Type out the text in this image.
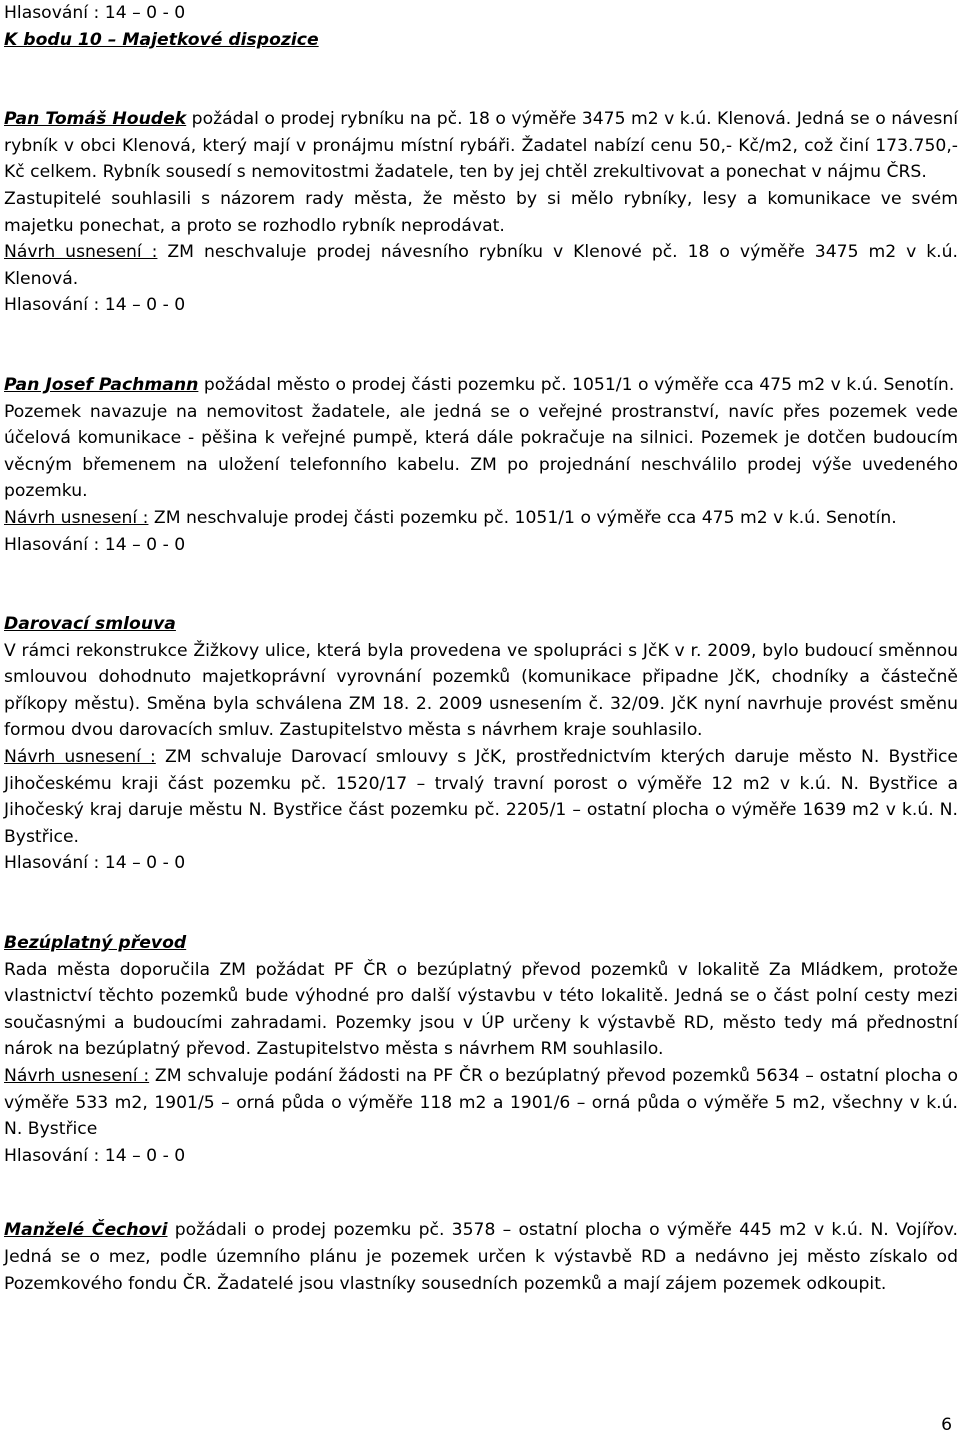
Hlasování : 14 – 0 - 0

K bodu 10 – Majetkové dispozice

Pan Tomáš Houdek požádal o prodej rybníku na pč. 18 o výměře 3475 m2 v k.ú. Klenová. Jedná se o návesní rybník v obci Klenová, který mají v pronájmu místní rybáři. Žadatel nabízí cenu 50,- Kč/m2, což činí 173.750,- Kč celkem. Rybník sousedí s nemovitostmi žadatele, ten by jej chtěl zrekultivovat a ponechat v nájmu ČRS.

Zastupitelé souhlasili s názorem rady města, že město by si mělo rybníky, lesy a komunikace ve svém majetku ponechat, a proto se rozhodlo rybník neprodávat.

Návrh usnesení : ZM neschvaluje prodej návesního rybníku v Klenové pč. 18 o výměře 3475 m2 v k.ú. Klenová.

Hlasování : 14 – 0 - 0

Pan Josef Pachmann požádal město o prodej části pozemku pč. 1051/1 o výměře cca 475 m2 v k.ú. Senotín.

Pozemek navazuje na nemovitost žadatele, ale jedná se o veřejné prostranství, navíc přes pozemek vede účelová komunikace - pěšina k veřejné pumpě, která dále pokračuje na silnici. Pozemek je dotčen budoucím věcným břemenem na uložení telefonního kabelu. ZM po projednání neschválilo prodej výše uvedeného pozemku.

Návrh usnesení : ZM neschvaluje prodej části pozemku pč. 1051/1 o výměře cca 475 m2 v k.ú. Senotín.

Hlasování : 14 – 0 - 0

Darovací smlouva

V rámci rekonstrukce Žižkovy ulice, která byla provedena ve spolupráci s JčK v r. 2009, bylo budoucí směnnou smlouvou dohodnuto majetkoprávní vyrovnání pozemků (komunikace připadne JčK, chodníky a částečně příkopy městu). Směna byla schválena ZM 18. 2. 2009 usnesením č. 32/09. JčK nyní navrhuje provést směnu formou dvou darovacích smluv. Zastupitelstvo města s návrhem kraje souhlasilo.

Návrh usnesení : ZM schvaluje Darovací smlouvy s JčK, prostřednictvím kterých daruje město N. Bystřice Jihočeskému kraji část pozemku pč. 1520/17 – trvalý travní porost o výměře 12 m2 v k.ú. N. Bystřice a Jihočeský kraj daruje městu N. Bystřice část pozemku pč. 2205/1 – ostatní plocha o výměře 1639 m2 v k.ú. N. Bystřice.

Hlasování : 14 – 0 - 0

Bezúplatný převod

Rada města doporučila ZM požádat PF ČR o bezúplatný převod pozemků v lokalitě Za Mládkem, protože vlastnictví těchto pozemků bude výhodné pro další výstavbu v této lokalitě. Jedná se o část polní cesty mezi současnými a budoucími zahradami. Pozemky jsou v ÚP určeny k výstavbě RD, město tedy má přednostní nárok na bezúplatný převod. Zastupitelstvo města s návrhem RM souhlasilo.

Návrh usnesení : ZM schvaluje podání žádosti na PF ČR o bezúplatný převod pozemků 5634 – ostatní plocha o výměře 533 m2, 1901/5 – orná půda o výměře 118 m2 a 1901/6 – orná půda o výměře 5 m2, všechny v k.ú. N. Bystřice

Hlasování : 14 – 0 - 0

Manželé Čechovi požádali o prodej pozemku pč. 3578 – ostatní plocha o výměře 445 m2 v k.ú. N. Vojířov. Jedná se o mez, podle územního plánu je pozemek určen k výstavbě RD a nedávno jej město získalo od Pozemkového fondu ČR. Žadatelé jsou vlastníky sousedních pozemků a mají zájem pozemek odkoupit.

6
